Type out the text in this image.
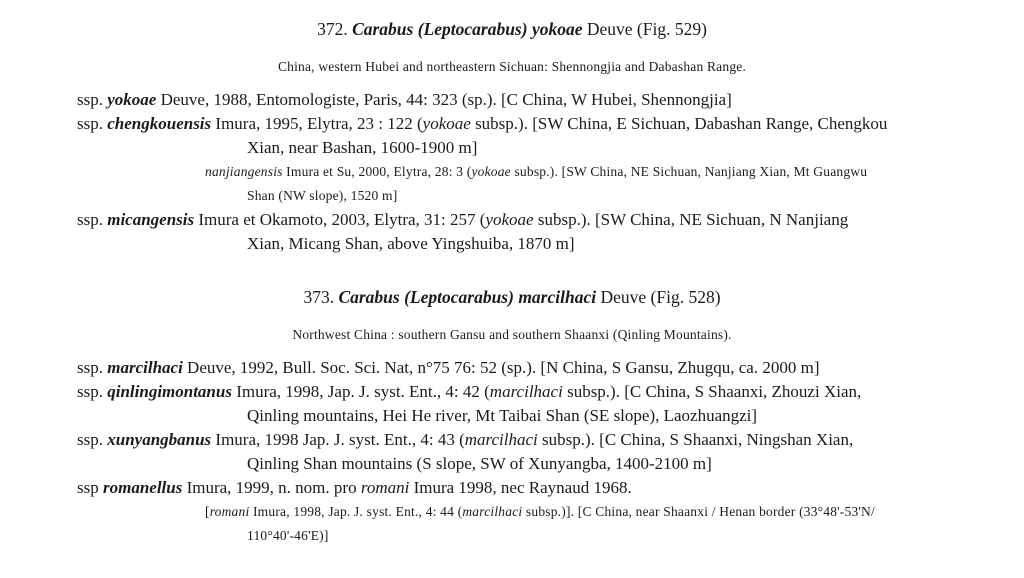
372. Carabus (Leptocarabus) yokoae Deuve (Fig. 529)
China, western Hubei and northeastern Sichuan: Shennongjia and Dabashan Range.
ssp. yokoae Deuve, 1988, Entomologiste, Paris, 44: 323 (sp.). [C China, W Hubei, Shennongjia]
ssp. chengkouensis Imura, 1995, Elytra, 23 : 122 (yokoae subsp.). [SW China, E Sichuan, Dabashan Range, Chengkou
Xian, near Bashan, 1600-1900 m]
nanjiangensis Imura et Su, 2000, Elytra, 28: 3 (yokoae subsp.). [SW China, NE Sichuan, Nanjiang Xian, Mt Guangwu
Shan (NW slope), 1520 m]
ssp. micangensis Imura et Okamoto, 2003, Elytra, 31: 257 (yokoae subsp.). [SW China, NE Sichuan, N Nanjiang
Xian, Micang Shan, above Yingshuiba, 1870 m]
373. Carabus (Leptocarabus) marcilhaci Deuve (Fig. 528)
Northwest China : southern Gansu and southern Shaanxi (Qinling Mountains).
ssp. marcilhaci Deuve, 1992, Bull. Soc. Sci. Nat, n°75 76: 52 (sp.). [N China, S Gansu, Zhugqu, ca. 2000 m]
ssp. qinlingimontanus Imura, 1998, Jap. J. syst. Ent., 4: 42 (marcilhaci subsp.). [C China, S Shaanxi, Zhouzi Xian,
Qinling mountains, Hei He river, Mt Taibai Shan (SE slope), Laozhuangzi]
ssp. xunyangbanus Imura, 1998 Jap. J. syst. Ent., 4: 43 (marcilhaci subsp.). [C China, S Shaanxi, Ningshan Xian,
Qinling Shan mountains (S slope, SW of Xunyangba, 1400-2100 m]
ssp romanellus Imura, 1999, n. nom. pro romani Imura 1998, nec Raynaud 1968.
[romani Imura, 1998, Jap. J. syst. Ent., 4: 44 (marcilhaci subsp.)]. [C China, near Shaanxi / Henan border (33°48'-53'N/
110°40'-46'E)]
